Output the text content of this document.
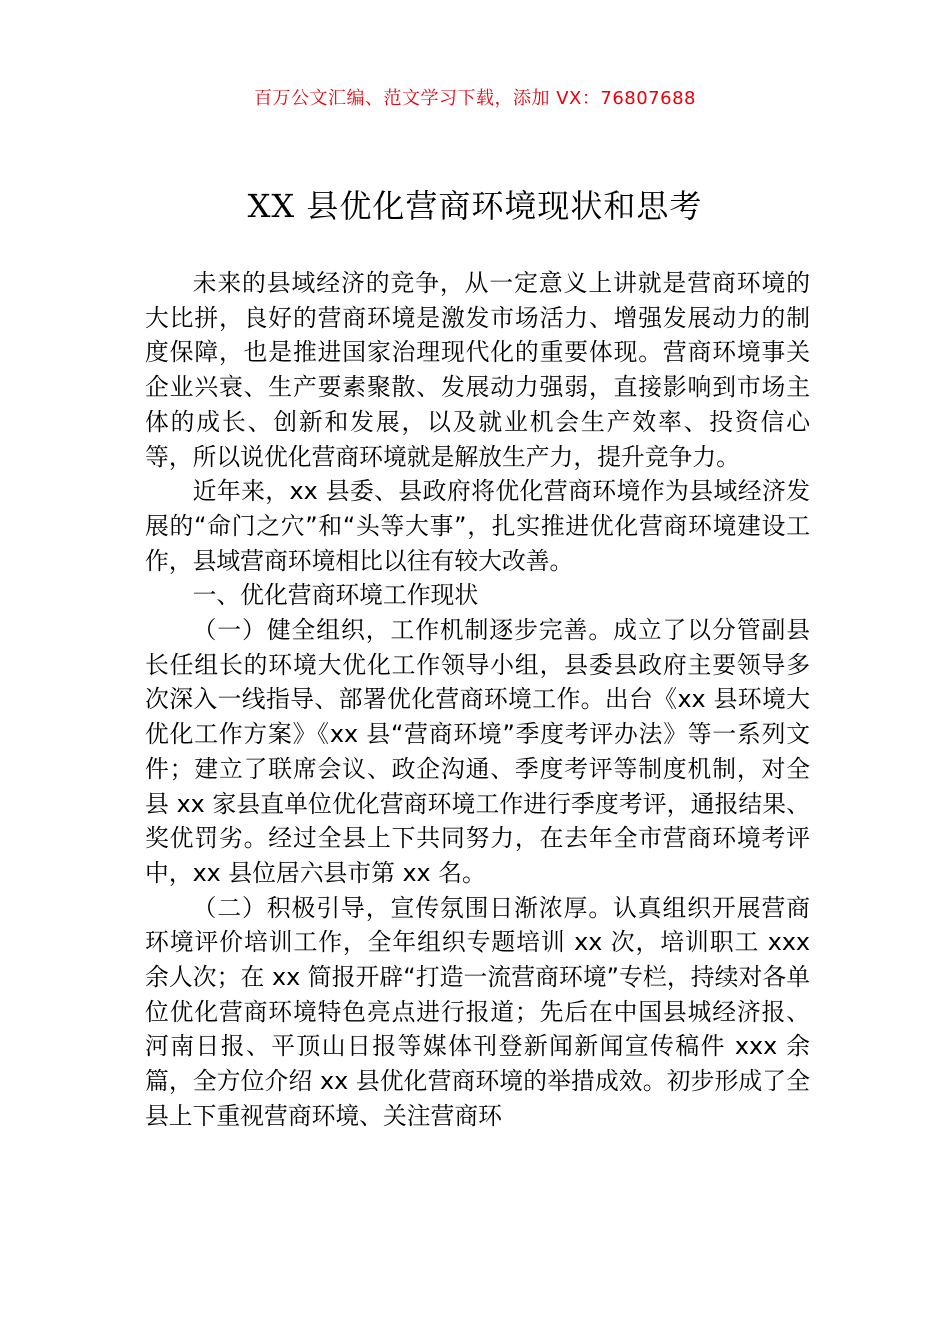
百万公文汇编、范文学习下载，添加 VX：76807688
XX 县优化营商环境现状和思考

未来的县域经济的竞争，从一定意义上讲就是营商环境的大比拼，良好的营商环境是激发市场活力、增强发展动力的制度保障，也是推进国家治理现代化的重要体现。营商环境事关企业兴衰、生产要素聚散、发展动力强弱，直接影响到市场主体的成长、创新和发展，以及就业机会生产效率、投资信心等，所以说优化营商环境就是解放生产力，提升竞争力。

近年来，xx 县委、县政府将优化营商环境作为县域经济发展的“命门之穴”和“头等大事”，扎实推进优化营商环境建设工作，县域营商环境相比以往有较大改善。

一、优化营商环境工作现状

（一）健全组织，工作机制逐步完善。成立了以分管副县长任组长的环境大优化工作领导小组，县委县政府主要领导多次深入一线指导、部署优化营商环境工作。出台《xx 县环境大优化工作方案》《xx 县“营商环境”季度考评办法》等一系列文件；建立了联席会议、政企沟通、季度考评等制度机制，对全县 xx 家县直单位优化营商环境工作进行季度考评，通报结果、奖优罚劣。经过全县上下共同努力，在去年全市营商环境考评中，xx 县位居六县市第 xx 名。

（二）积极引导，宣传氛围日渐浓厚。认真组织开展营商环境评价培训工作，全年组织专题培训 xx 次，培训职工 xxx 余人次；在 xx 简报开辟“打造一流营商环境”专栏，持续对各单位优化营商环境特色亮点进行报道；先后在中国县城经济报、河南日报、平顶山日报等媒体刊登新闻新闻宣传稿件 xxx 余篇，全方位介绍 xx 县优化营商环境的举措成效。初步形成了全县上下重视营商环境、关注营商环
